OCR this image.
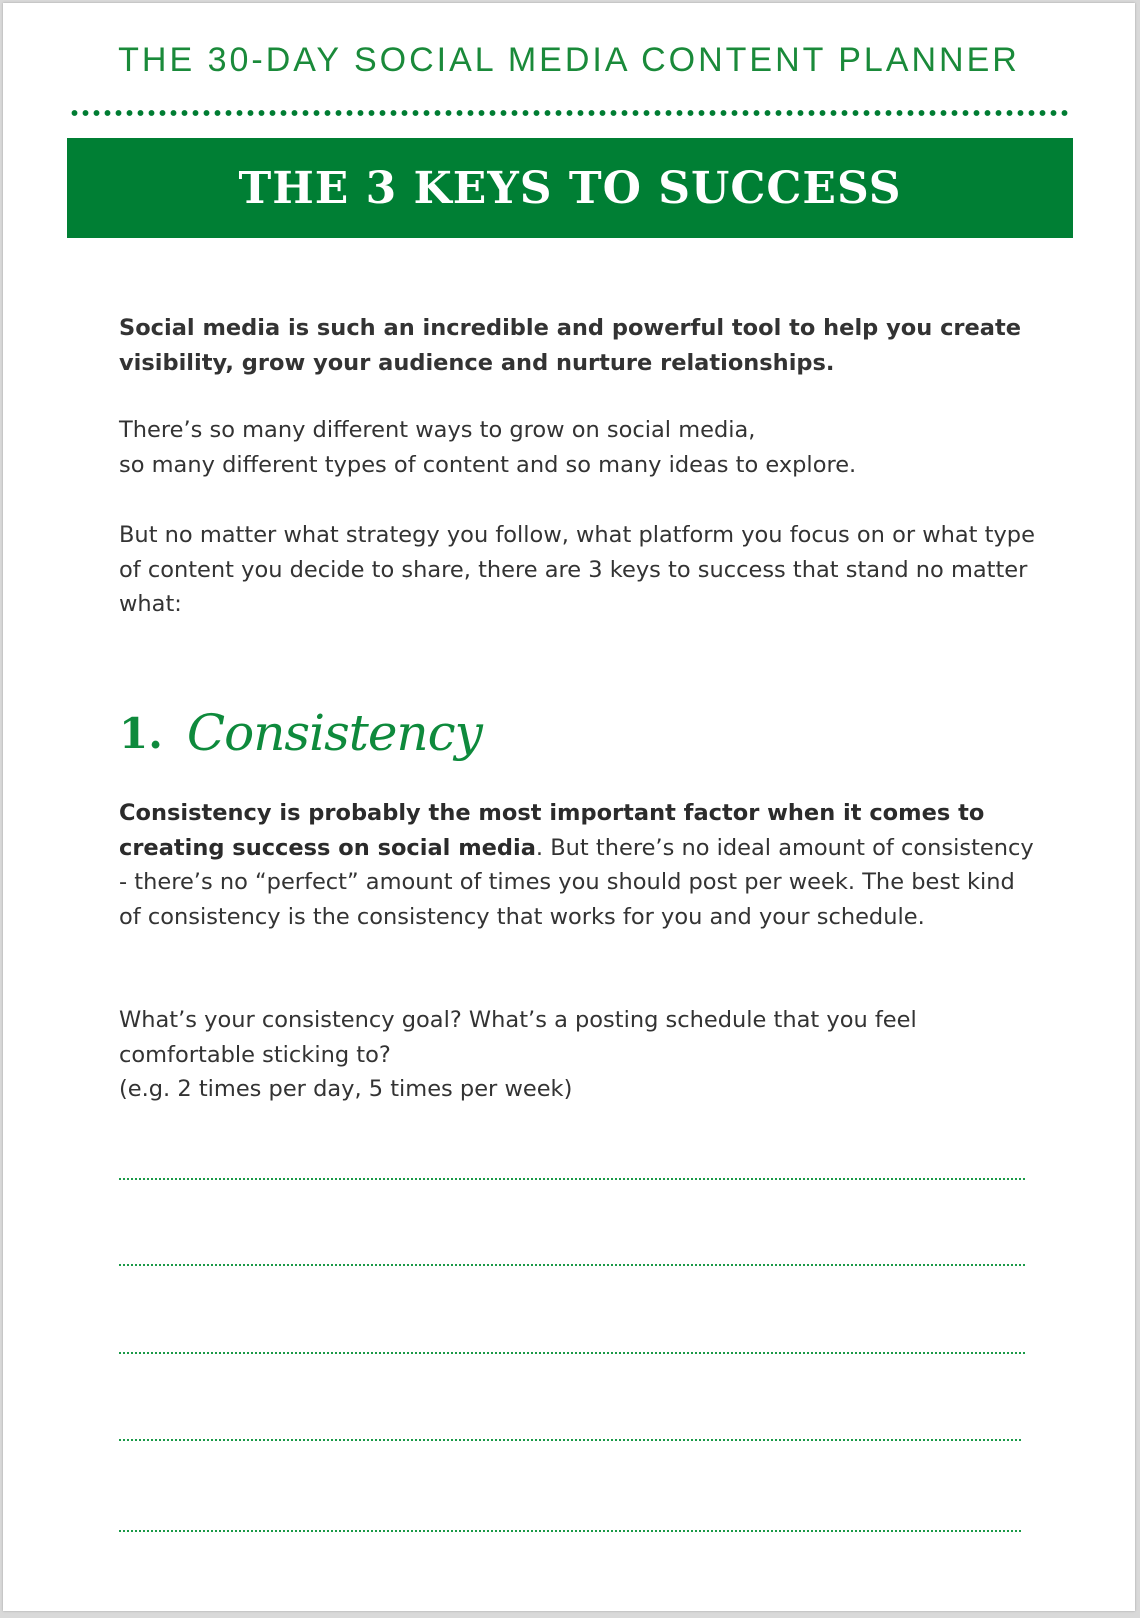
THE 30-DAY SOCIAL MEDIA CONTENT PLANNER
THE 3 KEYS TO SUCCESS

Social media is such an incredible and powerful tool to help you create visibility, grow your audience and nurture relationships.

There’s so many different ways to grow on social media,
so many different types of content and so many ideas to explore.

But no matter what strategy you follow, what platform you focus on or what type of content you decide to share, there are 3 keys to success that stand no matter what:

1. Consistency

Consistency is probably the most important factor when it comes to creating success on social media. But there’s no ideal amount of consistency - there’s no “perfect” amount of times you should post per week. The best kind of consistency is the consistency that works for you and your schedule.

What’s your consistency goal? What’s a posting schedule that you feel comfortable sticking to?
(e.g. 2 times per day, 5 times per week)
